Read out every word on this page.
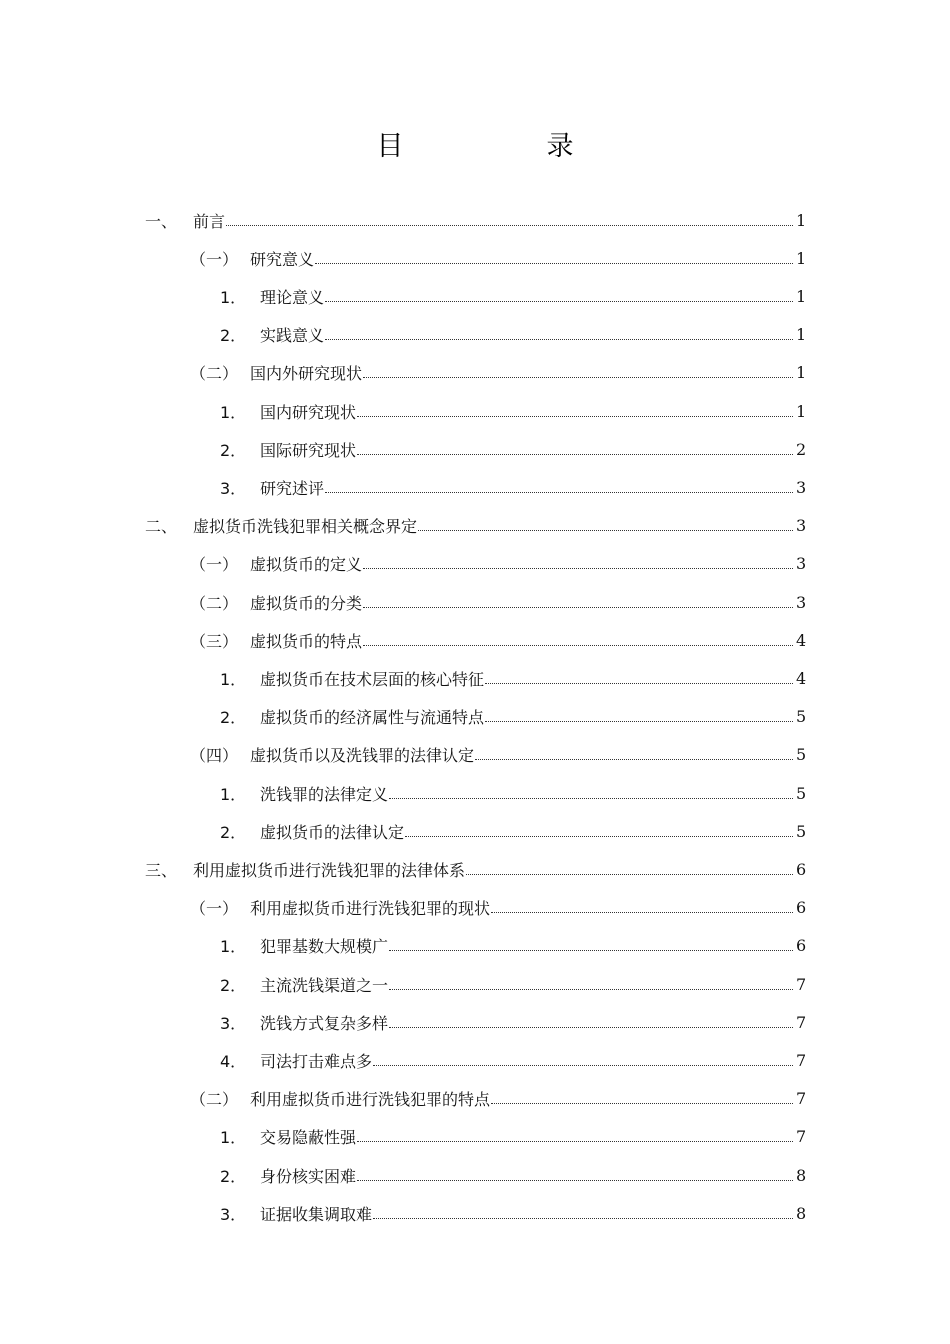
目　录
一、 前言	1
（一） 研究意义	1
1． 理论意义	1
2． 实践意义	1
（二） 国内外研究现状	1
1． 国内研究现状	1
2． 国际研究现状	2
3． 研究述评	3
二、 虚拟货币洗钱犯罪相关概念界定	3
（一） 虚拟货币的定义	3
（二） 虚拟货币的分类	3
（三） 虚拟货币的特点	4
1． 虚拟货币在技术层面的核心特征	4
2． 虚拟货币的经济属性与流通特点	5
（四） 虚拟货币以及洗钱罪的法律认定	5
1． 洗钱罪的法律定义	5
2． 虚拟货币的法律认定	5
三、 利用虚拟货币进行洗钱犯罪的法律体系	6
（一） 利用虚拟货币进行洗钱犯罪的现状	6
1． 犯罪基数大规模广	6
2． 主流洗钱渠道之一	7
3． 洗钱方式复杂多样	7
4． 司法打击难点多	7
（二） 利用虚拟货币进行洗钱犯罪的特点	7
1． 交易隐蔽性强	7
2． 身份核实困难	8
3． 证据收集调取难	8
